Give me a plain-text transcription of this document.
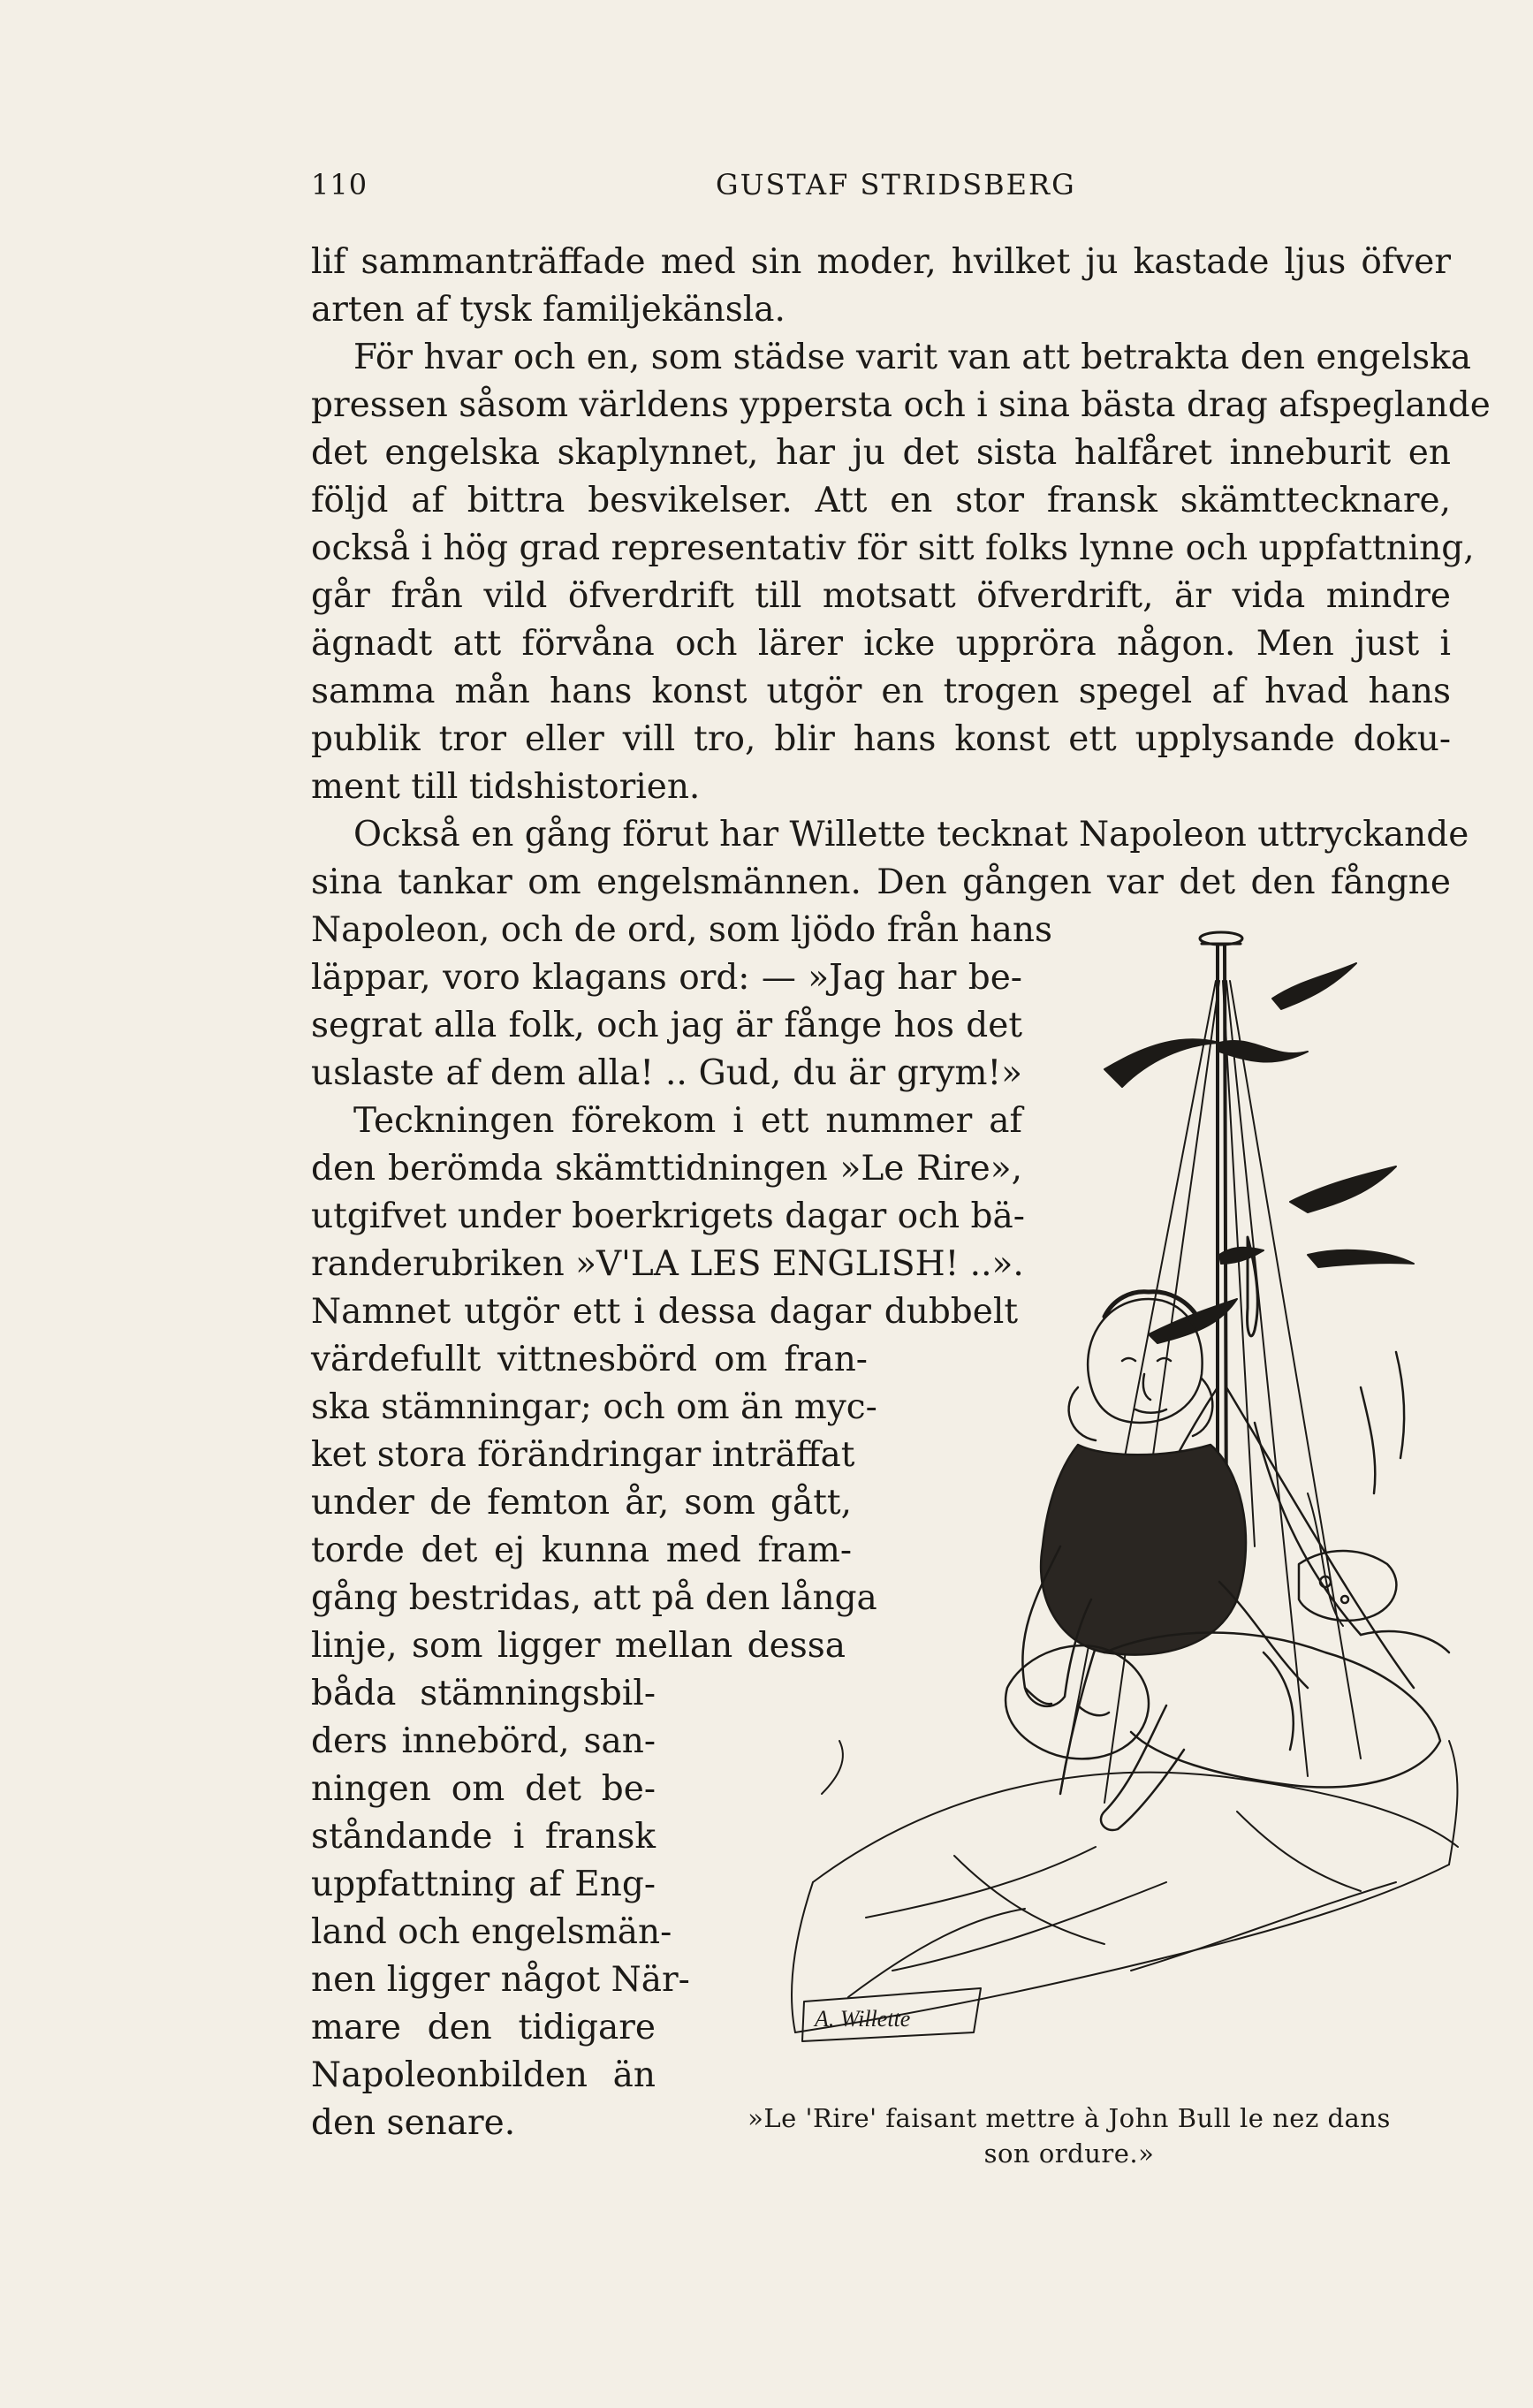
110	GUSTAF STRIDSBERG
lif sammanträffade med sin moder, hvilket ju kastade ljus öfver
arten af tysk familjekänsla.
För hvar och en, som städse varit van att betrakta den engelska
pressen såsom världens yppersta och i sina bästa drag afspeglande
det engelska skaplynnet, har ju det sista halfåret inneburit en
följd af bittra besvikelser. Att en stor fransk skämttecknare,
också i hög grad representativ för sitt folks lynne och uppfattning,
går från vild öfverdrift till motsatt öfverdrift, är vida mindre
ägnadt att förvåna och lärer icke uppröra någon. Men just i
samma mån hans konst utgör en trogen spegel af hvad hans
publik tror eller vill tro, blir hans konst ett upplysande doku-
ment till tidshistorien.
Också en gång förut har Willette tecknat Napoleon uttryckande
sina tankar om engelsmännen. Den gången var det den fångne
Napoleon, och de ord, som ljödo från hans
läppar, voro klagans ord: — »Jag har be-
segrat alla folk, och jag är fånge hos det
uslaste af dem alla! .. Gud, du är grym!»
Teckningen förekom i ett nummer af
den berömda skämttidningen »Le Rire»,
utgifvet under boerkrigets dagar och bä-
randerubriken »V'LA LES ENGLISH! ..».
Namnet utgör ett i dessa dagar dubbelt
värdefullt vittnesbörd om fran-
ska stämningar; och om än myc-
ket stora förändringar inträffat
under de femton år, som gått,
torde det ej kunna med fram-
gång bestridas, att på den långa
linje, som ligger mellan dessa
båda stämningsbil-
ders innebörd, san-
ningen om det be-
ståndande i fransk
uppfattning af Eng-
land och engelsmän-
nen ligger något När-
mare den tidigare
Napoleonbilden än
den senare.
A. Willette
»Le 'Rire' faisant mettre à John Bull le nez dans
son ordure.»
